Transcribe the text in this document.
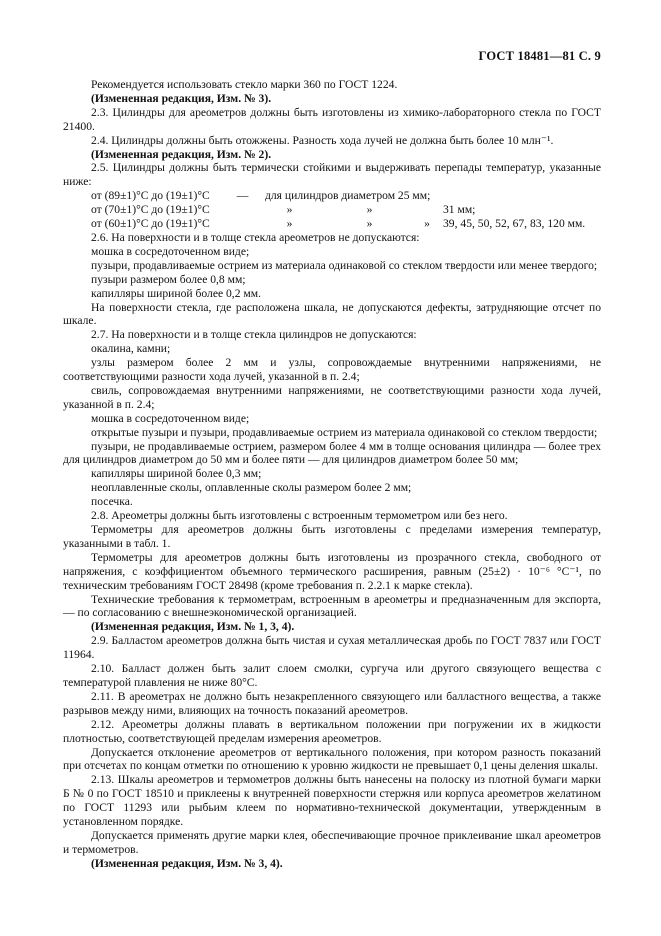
ГОСТ 18481—81 С. 9

Рекомендуется использовать стекло марки 360 по ГОСТ 1224.

(Измененная редакция, Изм. № 3).

2.3. Цилиндры для ареометров должны быть изготовлены из химико-лабораторного стекла по ГОСТ 21400.

2.4. Цилиндры должны быть отожжены. Разность хода лучей не должна быть более 10 млн⁻¹.

(Измененная редакция, Изм. № 2).

2.5. Цилиндры должны быть термически стойкими и выдерживать перепады температур, указанные ниже:

от (89±1)°С до (19±1)°С	—	для цилиндров диаметром 25 мм;
от (70±1)°С до (19±1)°С	»	»	31 мм;
от (60±1)°С до (19±1)°С	»	»	»	39, 45, 50, 52, 67, 83, 120 мм.

2.6. На поверхности и в толще стекла ареометров не допускаются:

мошка в сосредоточенном виде;

пузыри, продавливаемые острием из материала одинаковой со стеклом твердости или менее твердого;

пузыри размером более 0,8 мм;

капилляры шириной более 0,2 мм.

На поверхности стекла, где расположена шкала, не допускаются дефекты, затрудняющие отсчет по шкале.

2.7. На поверхности и в толще стекла цилиндров не допускаются:

окалина, камни;

узлы размером более 2 мм и узлы, сопровождаемые внутренними напряжениями, не соответствующими разности хода лучей, указанной в п. 2.4;

свиль, сопровождаемая внутренними напряжениями, не соответствующими разности хода лучей, указанной в п. 2.4;

мошка в сосредоточенном виде;

открытые пузыри и пузыри, продавливаемые острием из материала одинаковой со стеклом твердости;

пузыри, не продавливаемые острием, размером более 4 мм в толще основания цилиндра — более трех для цилиндров диаметром до 50 мм и более пяти — для цилиндров диаметром более 50 мм;

капилляры шириной более 0,3 мм;

неоплавленные сколы, оплавленные сколы размером более 2 мм;

посечка.

2.8. Ареометры должны быть изготовлены с встроенным термометром или без него.

Термометры для ареометров должны быть изготовлены с пределами измерения температур, указанными в табл. 1.

Термометры для ареометров должны быть изготовлены из прозрачного стекла, свободного от напряжения, с коэффициентом объемного термического расширения, равным (25±2) · 10⁻⁶ °С⁻¹, по техническим требованиям ГОСТ 28498 (кроме требования п. 2.2.1 к марке стекла).

Технические требования к термометрам, встроенным в ареометры и предназначенным для экспорта, — по согласованию с внешнеэкономической организацией.

(Измененная редакция, Изм. № 1, 3, 4).

2.9. Балластом ареометров должна быть чистая и сухая металлическая дробь по ГОСТ 7837 или ГОСТ 11964.

2.10. Балласт должен быть залит слоем смолки, сургуча или другого связующего вещества с температурой плавления не ниже 80°С.

2.11. В ареометрах не должно быть незакрепленного связующего или балластного вещества, а также разрывов между ними, влияющих на точность показаний ареометров.

2.12. Ареометры должны плавать в вертикальном положении при погружении их в жидкости плотностью, соответствующей пределам измерения ареометров.

Допускается отклонение ареометров от вертикального положения, при котором разность показаний при отсчетах по концам отметки по отношению к уровню жидкости не превышает 0,1 цены деления шкалы.

2.13. Шкалы ареометров и термометров должны быть нанесены на полоску из плотной бумаги марки Б № 0 по ГОСТ 18510 и приклеены к внутренней поверхности стержня или корпуса ареометров желатином по ГОСТ 11293 или рыбьим клеем по нормативно-технической документации, утвержденным в установленном порядке.

Допускается применять другие марки клея, обеспечивающие прочное приклеивание шкал ареометров и термометров.

(Измененная редакция, Изм. № 3, 4).
